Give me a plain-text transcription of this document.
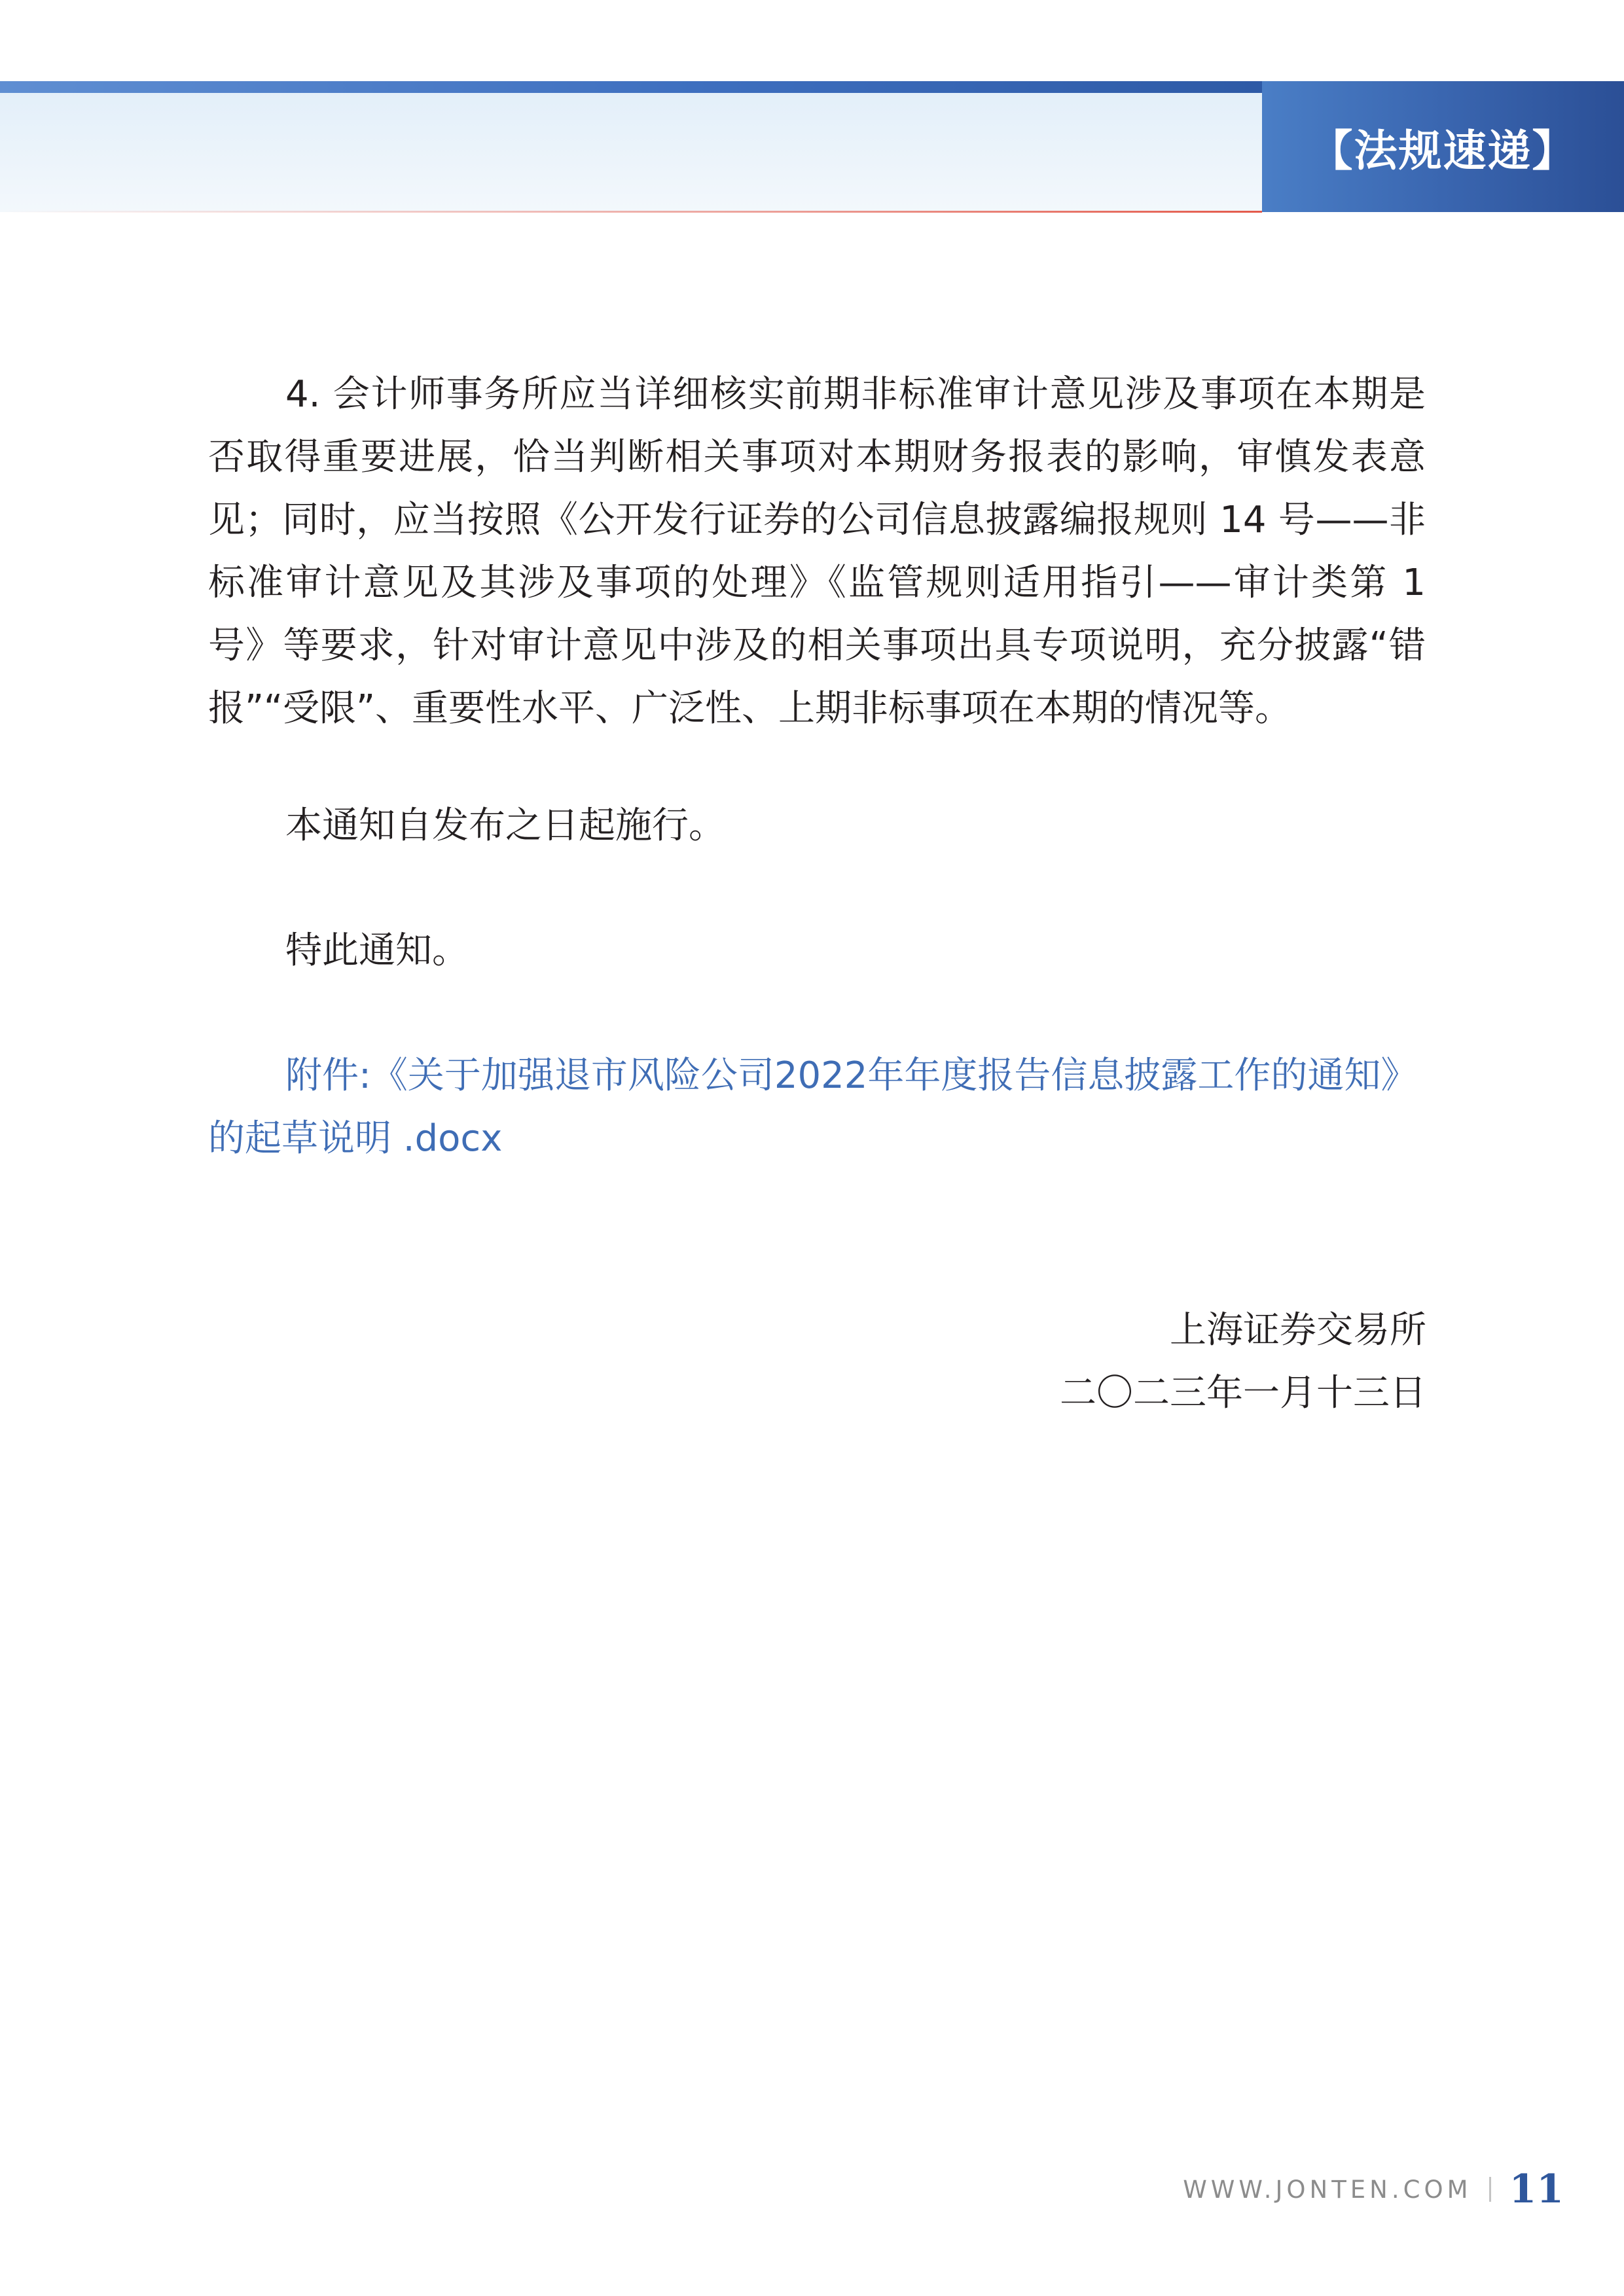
【法规速递】

4. 会计师事务所应当详细核实前期非标准审计意见涉及事项在本期是否取得重要进展，恰当判断相关事项对本期财务报表的影响，审慎发表意见；同时，应当按照《公开发行证券的公司信息披露编报规则 14 号——非标准审计意见及其涉及事项的处理》《监管规则适用指引——审计类第 1 号》等要求，针对审计意见中涉及的相关事项出具专项说明，充分披露“错报”“受限”、重要性水平、广泛性、上期非标事项在本期的情况等。

本通知自发布之日起施行。

特此通知。

附件:《关于加强退市风险公司2022年年度报告信息披露工作的通知》的起草说明 .docx

上海证券交易所
二〇二三年一月十三日
WWW.JONTEN.COM 11
